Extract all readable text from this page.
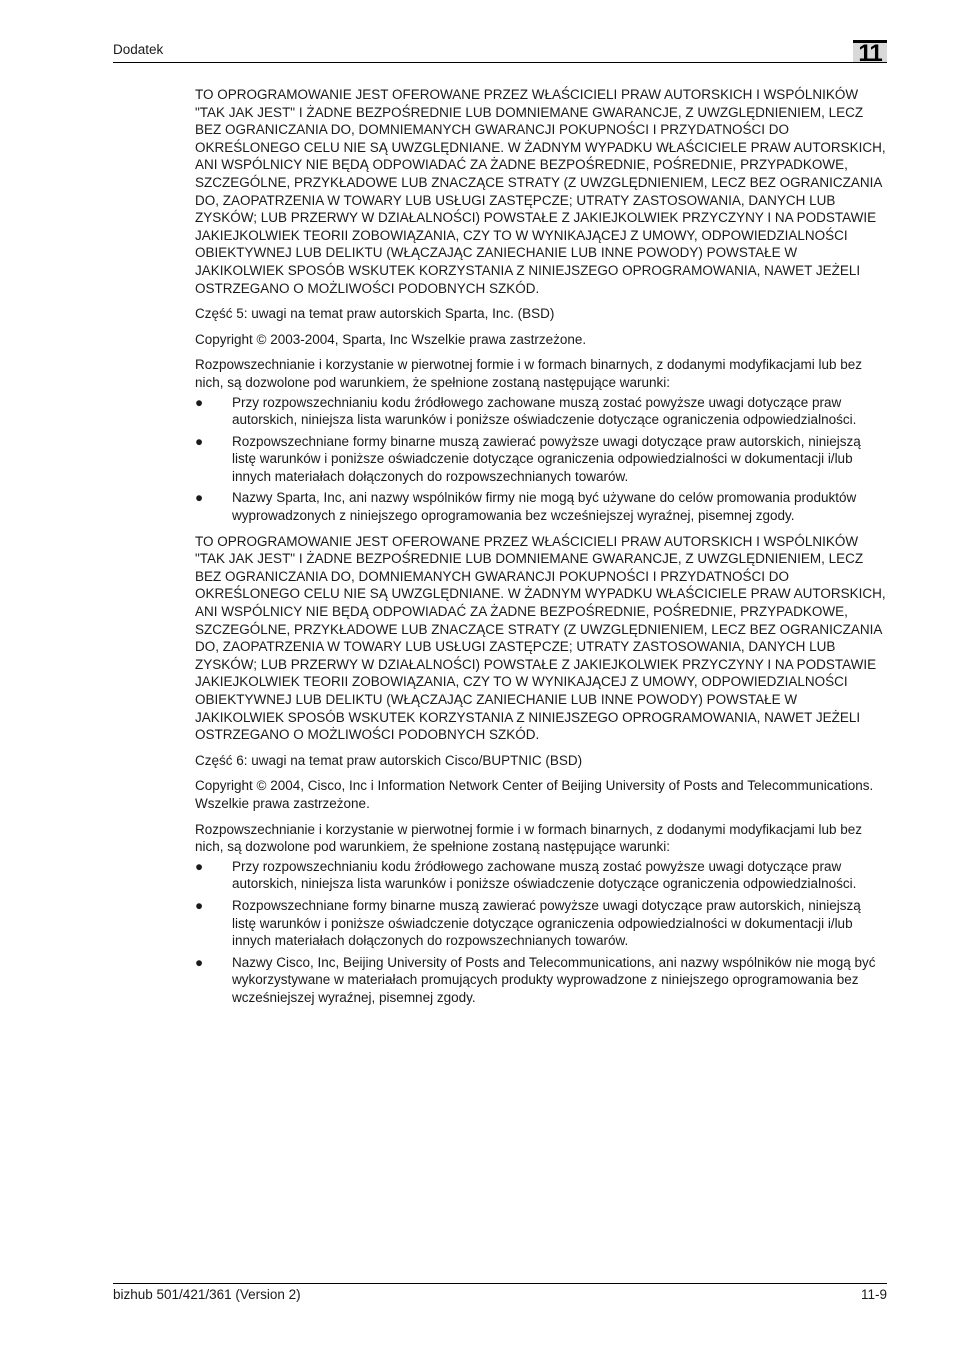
Dodatek	11

TO OPROGRAMOWANIE JEST OFEROWANE PRZEZ WŁAŚCICIELI PRAW AUTORSKICH I WSPÓLNIKÓW "TAK JAK JEST" I ŻADNE BEZPOŚREDNIE LUB DOMNIEMANE GWARANCJE, Z UWZGLĘDNIENIEM, LECZ BEZ OGRANICZANIA DO, DOMNIEMANYCH GWARANCJI POKUPNOŚCI I PRZYDATNOŚCI DO OKREŚLONEGO CELU NIE SĄ UWZGLĘDNIANE. W ŻADNYM WYPADKU WŁAŚCICIELE PRAW AUTORSKICH, ANI WSPÓLNICY NIE BĘDĄ ODPOWIADAĆ ZA ŻADNE BEZPOŚREDNIE, POŚREDNIE, PRZYPADKOWE, SZCZEGÓLNE, PRZYKŁADOWE LUB ZNACZĄCE STRATY (Z UWZGLĘDNIENIEM, LECZ BEZ OGRANICZANIA DO, ZAOPATRZENIA W TOWARY LUB USŁUGI ZASTĘPCZE; UTRATY ZASTOSOWANIA, DANYCH LUB ZYSKÓW; LUB PRZERWY W DZIAŁALNOŚCI) POWSTAŁE Z JAKIEJKOLWIEK PRZYCZYNY I NA PODSTAWIE JAKIEJKOLWIEK TEORII ZOBOWIĄZANIA, CZY TO W WYNIKAJĄCEJ Z UMOWY, ODPOWIEDZIALNOŚCI OBIEKTYWNEJ LUB DELIKTU (WŁĄCZAJĄC ZANIECHANIE LUB INNE POWODY) POWSTAŁE W JAKIKOLWIEK SPOSÓB WSKUTEK KORZYSTANIA Z NINIEJSZEGO OPROGRAMOWANIA, NAWET JEŻELI OSTRZEGANO O MOŻLIWOŚCI PODOBNYCH SZKÓD.

Część 5: uwagi na temat praw autorskich Sparta, Inc. (BSD)

Copyright © 2003-2004, Sparta, Inc Wszelkie prawa zastrzeżone.

Rozpowszechnianie i korzystanie w pierwotnej formie i w formach binarnych, z dodanymi modyfikacjami lub bez nich, są dozwolone pod warunkiem, że spełnione zostaną następujące warunki:

● Przy rozpowszechnianiu kodu źródłowego zachowane muszą zostać powyższe uwagi dotyczące praw autorskich, niniejsza lista warunków i poniższe oświadczenie dotyczące ograniczenia odpowiedzialności.
● Rozpowszechniane formy binarne muszą zawierać powyższe uwagi dotyczące praw autorskich, niniejszą listę warunków i poniższe oświadczenie dotyczące ograniczenia odpowiedzialności w dokumentacji i/lub innych materiałach dołączonych do rozpowszechnianych towarów.
● Nazwy Sparta, Inc, ani nazwy wspólników firmy nie mogą być używane do celów promowania produktów wyprowadzonych z niniejszego oprogramowania bez wcześniejszej wyraźnej, pisemnej zgody.

TO OPROGRAMOWANIE JEST OFEROWANE PRZEZ WŁAŚCICIELI PRAW AUTORSKICH I WSPÓLNIKÓW "TAK JAK JEST" I ŻADNE BEZPOŚREDNIE LUB DOMNIEMANE GWARANCJE, Z UWZGLĘDNIENIEM, LECZ BEZ OGRANICZANIA DO, DOMNIEMANYCH GWARANCJI POKUPNOŚCI I PRZYDATNOŚCI DO OKREŚLONEGO CELU NIE SĄ UWZGLĘDNIANE. W ŻADNYM WYPADKU WŁAŚCICIELE PRAW AUTORSKICH, ANI WSPÓLNICY NIE BĘDĄ ODPOWIADAĆ ZA ŻADNE BEZPOŚREDNIE, POŚREDNIE, PRZYPADKOWE, SZCZEGÓLNE, PRZYKŁADOWE LUB ZNACZĄCE STRATY (Z UWZGLĘDNIENIEM, LECZ BEZ OGRANICZANIA DO, ZAOPATRZENIA W TOWARY LUB USŁUGI ZASTĘPCZE; UTRATY ZASTOSOWANIA, DANYCH LUB ZYSKÓW; LUB PRZERWY W DZIAŁALNOŚCI) POWSTAŁE Z JAKIEJKOLWIEK PRZYCZYNY I NA PODSTAWIE JAKIEJKOLWIEK TEORII ZOBOWIĄZANIA, CZY TO W WYNIKAJĄCEJ Z UMOWY, ODPOWIEDZIALNOŚCI OBIEKTYWNEJ LUB DELIKTU (WŁĄCZAJĄC ZANIECHANIE LUB INNE POWODY) POWSTAŁE W JAKIKOLWIEK SPOSÓB WSKUTEK KORZYSTANIA Z NINIEJSZEGO OPROGRAMOWANIA, NAWET JEŻELI OSTRZEGANO O MOŻLIWOŚCI PODOBNYCH SZKÓD.

Część 6: uwagi na temat praw autorskich Cisco/BUPTNIC (BSD)

Copyright © 2004, Cisco, Inc i Information Network Center of Beijing University of Posts and Telecommunications. Wszelkie prawa zastrzeżone.

Rozpowszechnianie i korzystanie w pierwotnej formie i w formach binarnych, z dodanymi modyfikacjami lub bez nich, są dozwolone pod warunkiem, że spełnione zostaną następujące warunki:

● Przy rozpowszechnianiu kodu źródłowego zachowane muszą zostać powyższe uwagi dotyczące praw autorskich, niniejsza lista warunków i poniższe oświadczenie dotyczące ograniczenia odpowiedzialności.
● Rozpowszechniane formy binarne muszą zawierać powyższe uwagi dotyczące praw autorskich, niniejszą listę warunków i poniższe oświadczenie dotyczące ograniczenia odpowiedzialności w dokumentacji i/lub innych materiałach dołączonych do rozpowszechnianych towarów.
● Nazwy Cisco, Inc, Beijing University of Posts and Telecommunications, ani nazwy wspólników nie mogą być wykorzystywane w materiałach promujących produkty wyprowadzone z niniejszego oprogramowania bez wcześniejszej wyraźnej, pisemnej zgody.
bizhub 501/421/361 (Version 2)	11-9
